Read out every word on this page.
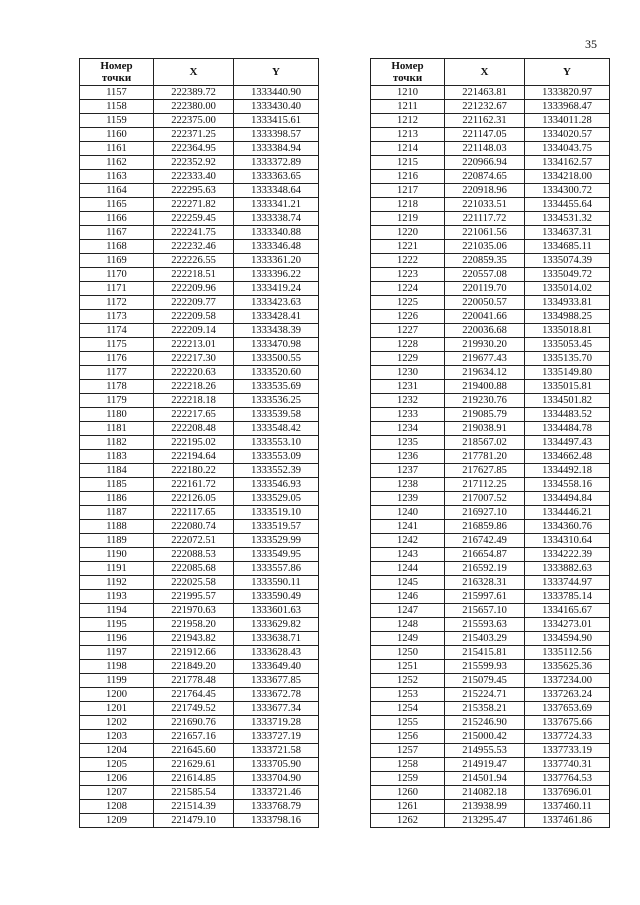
35
Номер
точки	X	Y
1157	222389.72	1333440.90
1158	222380.00	1333430.40
1159	222375.00	1333415.61
1160	222371.25	1333398.57
1161	222364.95	1333384.94
1162	222352.92	1333372.89
1163	222333.40	1333363.65
1164	222295.63	1333348.64
1165	222271.82	1333341.21
1166	222259.45	1333338.74
1167	222241.75	1333340.88
1168	222232.46	1333346.48
1169	222226.55	1333361.20
1170	222218.51	1333396.22
1171	222209.96	1333419.24
1172	222209.77	1333423.63
1173	222209.58	1333428.41
1174	222209.14	1333438.39
1175	222213.01	1333470.98
1176	222217.30	1333500.55
1177	222220.63	1333520.60
1178	222218.26	1333535.69
1179	222218.18	1333536.25
1180	222217.65	1333539.58
1181	222208.48	1333548.42
1182	222195.02	1333553.10
1183	222194.64	1333553.09
1184	222180.22	1333552.39
1185	222161.72	1333546.93
1186	222126.05	1333529.05
1187	222117.65	1333519.10
1188	222080.74	1333519.57
1189	222072.51	1333529.99
1190	222088.53	1333549.95
1191	222085.68	1333557.86
1192	222025.58	1333590.11
1193	221995.57	1333590.49
1194	221970.63	1333601.63
1195	221958.20	1333629.82
1196	221943.82	1333638.71
1197	221912.66	1333628.43
1198	221849.20	1333649.40
1199	221778.48	1333677.85
1200	221764.45	1333672.78
1201	221749.52	1333677.34
1202	221690.76	1333719.28
1203	221657.16	1333727.19
1204	221645.60	1333721.58
1205	221629.61	1333705.90
1206	221614.85	1333704.90
1207	221585.54	1333721.46
1208	221514.39	1333768.79
1209	221479.10	1333798.16
Номер
точки	X	Y
1210	221463.81	1333820.97
1211	221232.67	1333968.47
1212	221162.31	1334011.28
1213	221147.05	1334020.57
1214	221148.03	1334043.75
1215	220966.94	1334162.57
1216	220874.65	1334218.00
1217	220918.96	1334300.72
1218	221033.51	1334455.64
1219	221117.72	1334531.32
1220	221061.56	1334637.31
1221	221035.06	1334685.11
1222	220859.35	1335074.39
1223	220557.08	1335049.72
1224	220119.70	1335014.02
1225	220050.57	1334933.81
1226	220041.66	1334988.25
1227	220036.68	1335018.81
1228	219930.20	1335053.45
1229	219677.43	1335135.70
1230	219634.12	1335149.80
1231	219400.88	1335015.81
1232	219230.76	1334501.82
1233	219085.79	1334483.52
1234	219038.91	1334484.78
1235	218567.02	1334497.43
1236	217781.20	1334662.48
1237	217627.85	1334492.18
1238	217112.25	1334558.16
1239	217007.52	1334494.84
1240	216927.10	1334446.21
1241	216859.86	1334360.76
1242	216742.49	1334310.64
1243	216654.87	1334222.39
1244	216592.19	1333882.63
1245	216328.31	1333744.97
1246	215997.61	1333785.14
1247	215657.10	1334165.67
1248	215593.63	1334273.01
1249	215403.29	1334594.90
1250	215415.81	1335112.56
1251	215599.93	1335625.36
1252	215079.45	1337234.00
1253	215224.71	1337263.24
1254	215358.21	1337653.69
1255	215246.90	1337675.66
1256	215000.42	1337724.33
1257	214955.53	1337733.19
1258	214919.47	1337740.31
1259	214501.94	1337764.53
1260	214082.18	1337696.01
1261	213938.99	1337460.11
1262	213295.47	1337461.86
